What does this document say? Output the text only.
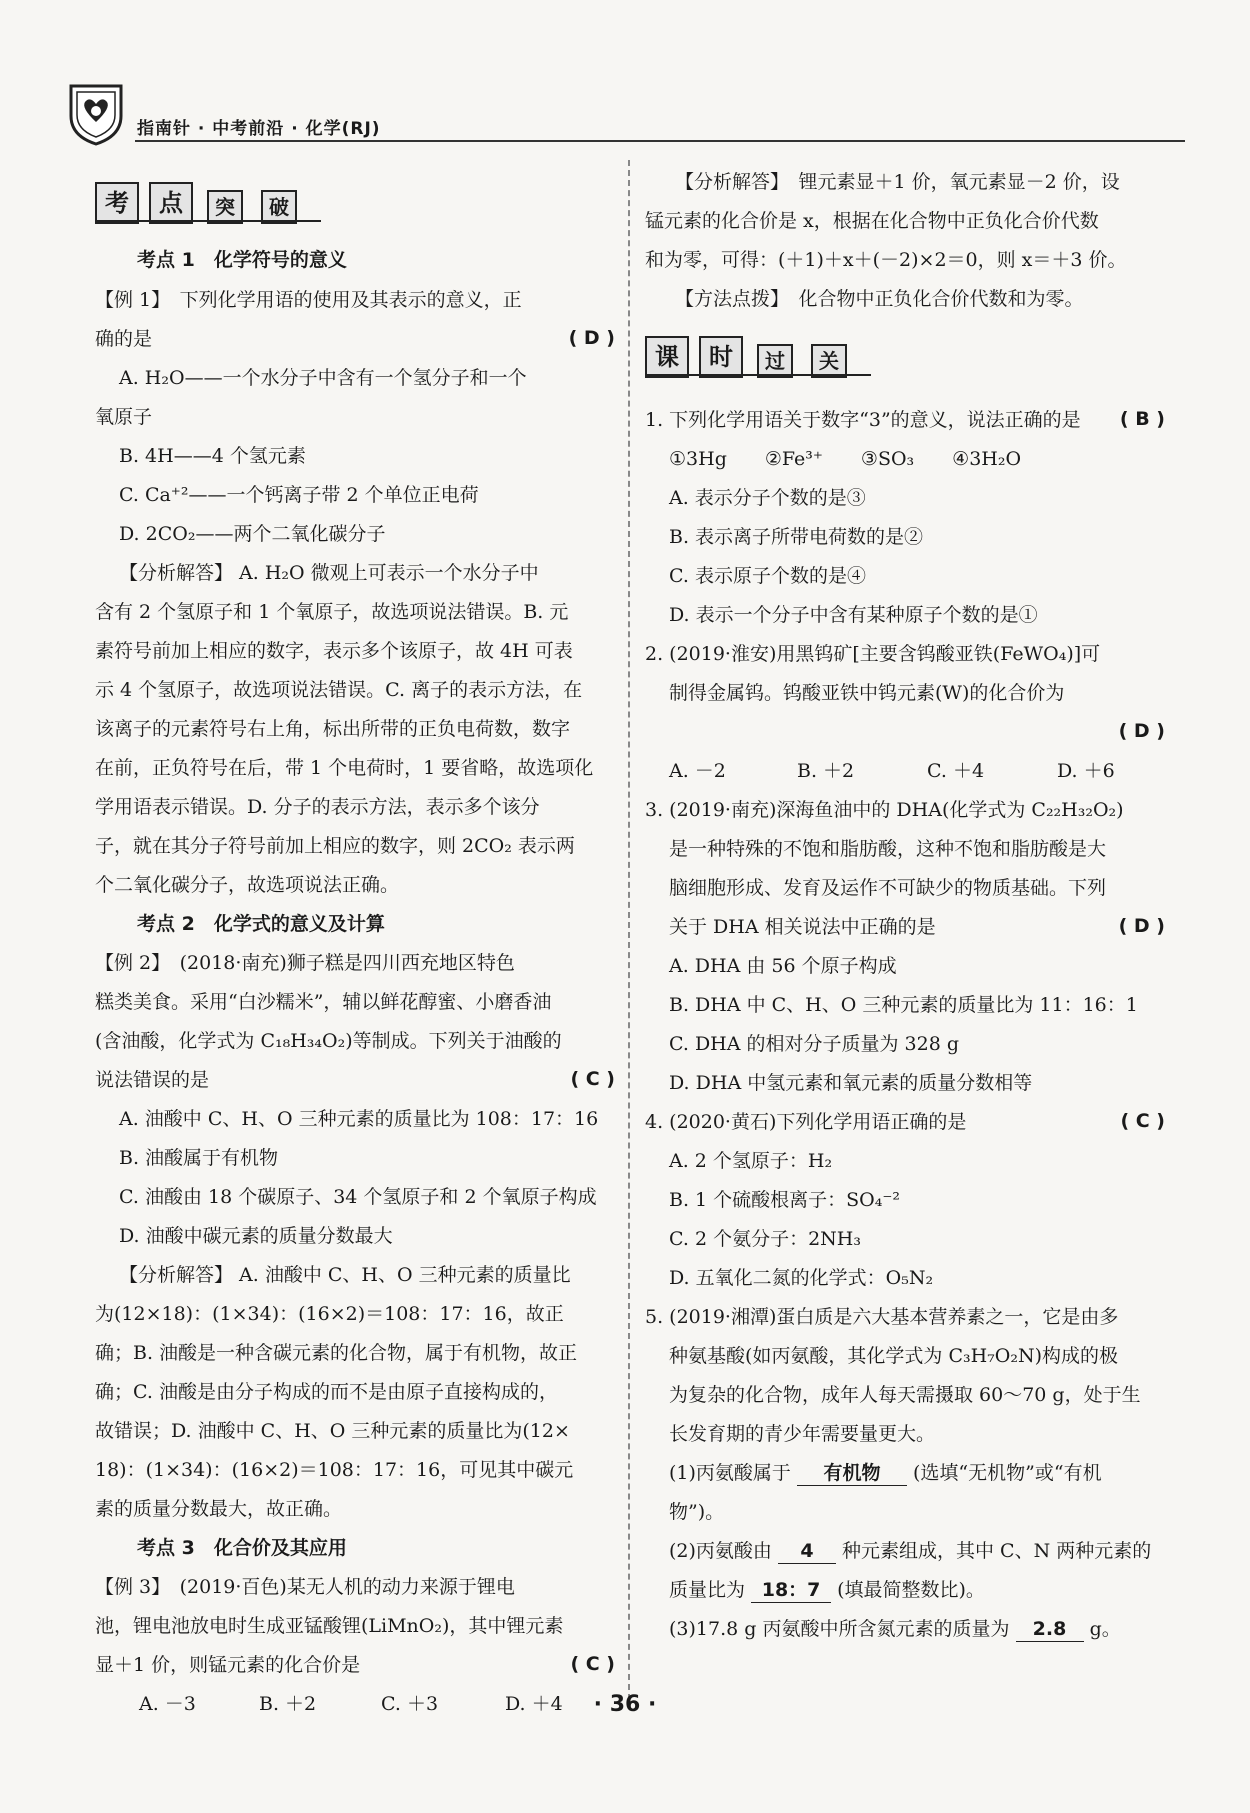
指南针 · 中考前沿 · 化学(RJ)
考	点	突	破
考点 1　化学符号的意义
【例 1】　下列化学用语的使用及其表示的意义，正
确的是	( D )
A. H₂O——一个水分子中含有一个氢分子和一个
氧原子
B. 4H——4 个氢元素
C. Ca⁺²——一个钙离子带 2 个单位正电荷
D. 2CO₂——两个二氧化碳分子
【分析解答】 A. H₂O 微观上可表示一个水分子中
含有 2 个氢原子和 1 个氧原子，故选项说法错误。B. 元
素符号前加上相应的数字，表示多个该原子，故 4H 可表
示 4 个氢原子，故选项说法错误。C. 离子的表示方法，在
该离子的元素符号右上角，标出所带的正负电荷数，数字
在前，正负符号在后，带 1 个电荷时，1 要省略，故选项化
学用语表示错误。D. 分子的表示方法，表示多个该分
子，就在其分子符号前加上相应的数字，则 2CO₂ 表示两
个二氧化碳分子，故选项说法正确。
考点 2　化学式的意义及计算
【例 2】　(2018·南充)狮子糕是四川西充地区特色
糕类美食。采用“白沙糯米”，辅以鲜花醇蜜、小磨香油
(含油酸，化学式为 C₁₈H₃₄O₂)等制成。下列关于油酸的
说法错误的是	( C )
A. 油酸中 C、H、O 三种元素的质量比为 108：17：16
B. 油酸属于有机物
C. 油酸由 18 个碳原子、34 个氢原子和 2 个氧原子构成
D. 油酸中碳元素的质量分数最大
【分析解答】 A. 油酸中 C、H、O 三种元素的质量比
为(12×18)：(1×34)：(16×2)＝108：17：16，故正
确；B. 油酸是一种含碳元素的化合物，属于有机物，故正
确；C. 油酸是由分子构成的而不是由原子直接构成的，
故错误；D. 油酸中 C、H、O 三种元素的质量比为(12×
18)：(1×34)：(16×2)＝108：17：16，可见其中碳元
素的质量分数最大，故正确。
考点 3　化合价及其应用
【例 3】　(2019·百色)某无人机的动力来源于锂电
池，锂电池放电时生成亚锰酸锂(LiMnO₂)，其中锂元素
显＋1 价，则锰元素的化合价是	( C )
A. －3	B. ＋2	C. ＋3	D. ＋4
【分析解答】　锂元素显＋1 价，氧元素显－2 价，设
锰元素的化合价是 x，根据在化合物中正负化合价代数
和为零，可得：(＋1)＋x＋(－2)×2＝0，则 x＝＋3 价。
【方法点拨】　化合物中正负化合价代数和为零。
课	时	过	关
1. 下列化学用语关于数字“3”的意义，说法正确的是 ( B )
①3Hg　　②Fe³⁺　　③SO₃　　④3H₂O
A. 表示分子个数的是③
B. 表示离子所带电荷数的是②
C. 表示原子个数的是④
D. 表示一个分子中含有某种原子个数的是①
2. (2019·淮安)用黑钨矿[主要含钨酸亚铁(FeWO₄)]可
制得金属钨。钨酸亚铁中钨元素(W)的化合价为
( D )
A. －2	B. ＋2	C. ＋4	D. ＋6
3. (2019·南充)深海鱼油中的 DHA(化学式为 C₂₂H₃₂O₂)
是一种特殊的不饱和脂肪酸，这种不饱和脂肪酸是大
脑细胞形成、发育及运作不可缺少的物质基础。下列
关于 DHA 相关说法中正确的是	( D )
A. DHA 由 56 个原子构成
B. DHA 中 C、H、O 三种元素的质量比为 11：16：1
C. DHA 的相对分子质量为 328 g
D. DHA 中氢元素和氧元素的质量分数相等
4. (2020·黄石)下列化学用语正确的是	( C )
A. 2 个氢原子：H₂
B. 1 个硫酸根离子：SO₄⁻²
C. 2 个氨分子：2NH₃
D. 五氧化二氮的化学式：O₅N₂
5. (2019·湘潭)蛋白质是六大基本营养素之一，它是由多
种氨基酸(如丙氨酸，其化学式为 C₃H₇O₂N)构成的极
为复杂的化合物，成年人每天需摄取 60～70 g，处于生
长发育期的青少年需要量更大。
(1)丙氨酸属于 有机物 (选填“无机物”或“有机
物”)。
(2)丙氨酸由 4 种元素组成，其中 C、N 两种元素的
质量比为 18：7 (填最简整数比)。
(3)17.8 g 丙氨酸中所含氮元素的质量为 2.8 g。
· 36 ·
